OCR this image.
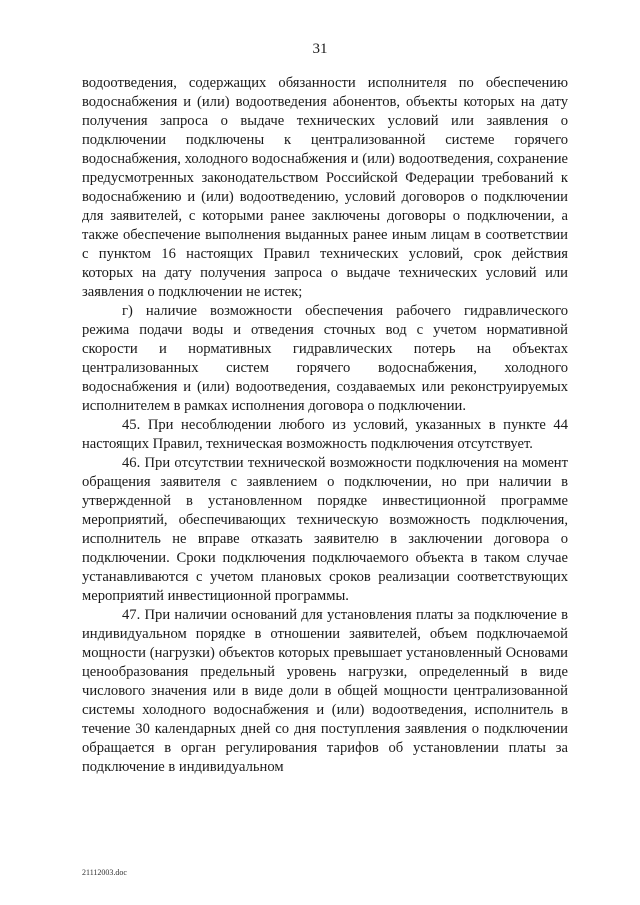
31

водоотведения, содержащих обязанности исполнителя по обеспечению водоснабжения и (или) водоотведения абонентов, объекты которых на дату получения запроса о выдаче технических условий или заявления о подключении подключены к централизованной системе горячего водоснабжения, холодного водоснабжения и (или) водоотведения, сохранение предусмотренных законодательством Российской Федерации требований к водоснабжению и (или) водоотведению, условий договоров о подключении для заявителей, с которыми ранее заключены договоры о подключении, а также обеспечение выполнения выданных ранее иным лицам в соответствии с пунктом 16 настоящих Правил технических условий, срок действия которых на дату получения запроса о выдаче технических условий или заявления о подключении не истек;

г) наличие возможности обеспечения рабочего гидравлического режима подачи воды и отведения сточных вод с учетом нормативной скорости и нормативных гидравлических потерь на объектах централизованных систем горячего водоснабжения, холодного водоснабжения и (или) водоотведения, создаваемых или реконструируемых исполнителем в рамках исполнения договора о подключении.

45. При несоблюдении любого из условий, указанных в пункте 44 настоящих Правил, техническая возможность подключения отсутствует.

46. При отсутствии технической возможности подключения на момент обращения заявителя с заявлением о подключении, но при наличии в утвержденной в установленном порядке инвестиционной программе мероприятий, обеспечивающих техническую возможность подключения, исполнитель не вправе отказать заявителю в заключении договора о подключении. Сроки подключения подключаемого объекта в таком случае устанавливаются с учетом плановых сроков реализации соответствующих мероприятий инвестиционной программы.

47. При наличии оснований для установления платы за подключение в индивидуальном порядке в отношении заявителей, объем подключаемой мощности (нагрузки) объектов которых превышает установленный Основами ценообразования предельный уровень нагрузки, определенный в виде числового значения или в виде доли в общей мощности централизованной системы холодного водоснабжения и (или) водоотведения, исполнитель в течение 30 календарных дней со дня поступления заявления о подключении обращается в орган регулирования тарифов об установлении платы за подключение в индивидуальном

21112003.doc
